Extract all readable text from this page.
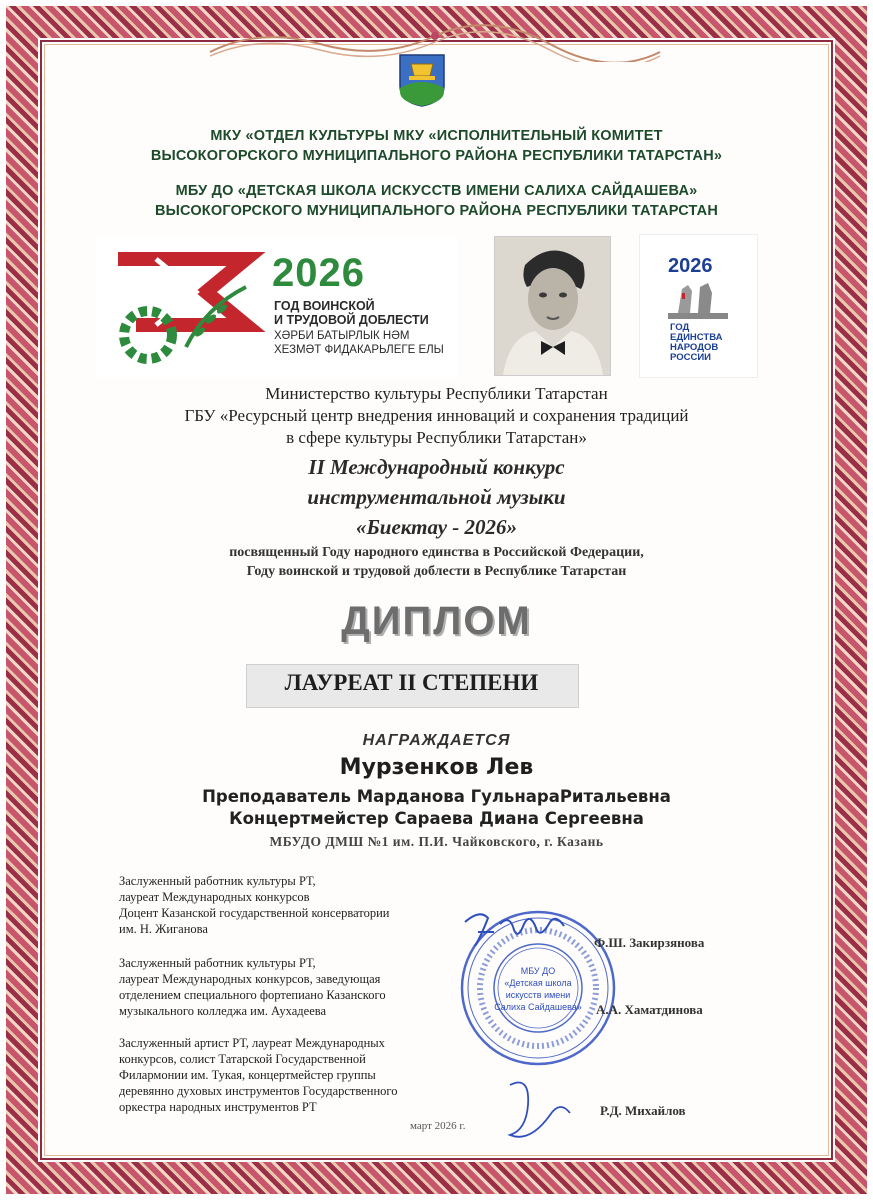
МКУ «ОТДЕЛ КУЛЬТУРЫ МКУ «ИСПОЛНИТЕЛЬНЫЙ КОМИТЕТ
ВЫСОКОГОРСКОГО МУНИЦИПАЛЬНОГО РАЙОНА РЕСПУБЛИКИ ТАТАРСТАН»
МБУ ДО «ДЕТСКАЯ ШКОЛА ИСКУССТВ ИМЕНИ САЛИХА САЙДАШЕВА»
ВЫСОКОГОРСКОГО МУНИЦИПАЛЬНОГО РАЙОНА РЕСПУБЛИКИ ТАТАРСТАН
2026
ГОД ВОИНСКОЙ
И ТРУДОВОЙ ДОБЛЕСТИ
ХӘРБИ БАТЫРЛЫК НӘМ
ХЕЗМӘТ ФИДАКАРЬЛЕГЕ ЕЛЫ
2026
ГОД
ЕДИНСТВА
НАРОДОВ
РОССИИ
Министерство культуры Республики Татарстан
ГБУ «Ресурсный центр внедрения инноваций и сохранения традиций
в сфере культуры Республики Татарстан»
II Международный конкурс
инструментальной музыки
«Биектау - 2026»
посвященный Году народного единства в Российской Федерации,
Году воинской и трудовой доблести в Республике Татарстан
ДИПЛОМ
ЛАУРЕАТ II СТЕПЕНИ
НАГРАЖДАЕТСЯ
Мурзенков Лев
Преподаватель Марданова ГульнараРитальевна
Концертмейстер Сараева Диана Сергеевна
МБУДО ДМШ №1 им. П.И. Чайковского, г. Казань
Заслуженный работник культуры РТ,
лауреат Международных конкурсов
Доцент Казанской государственной консерватории
им. Н. Жиганова
Заслуженный работник культуры РТ,
лауреат Международных конкурсов, заведующая
отделением специального фортепиано Казанского
музыкального колледжа им. Аухадеева
Заслуженный артист РТ, лауреат Международных
конкурсов, солист Татарской Государственной
Филармонии им. Тукая, концертмейстер группы
деревянно духовых инструментов Государственного
оркестра народных инструментов РТ
МБУ ДО
«Детская школа
искусств имени
Салиха Сайдашева»
Ф.Ш. Закирзянова
А.А. Хаматдинова
Р.Д. Михайлов
март 2026 г.
